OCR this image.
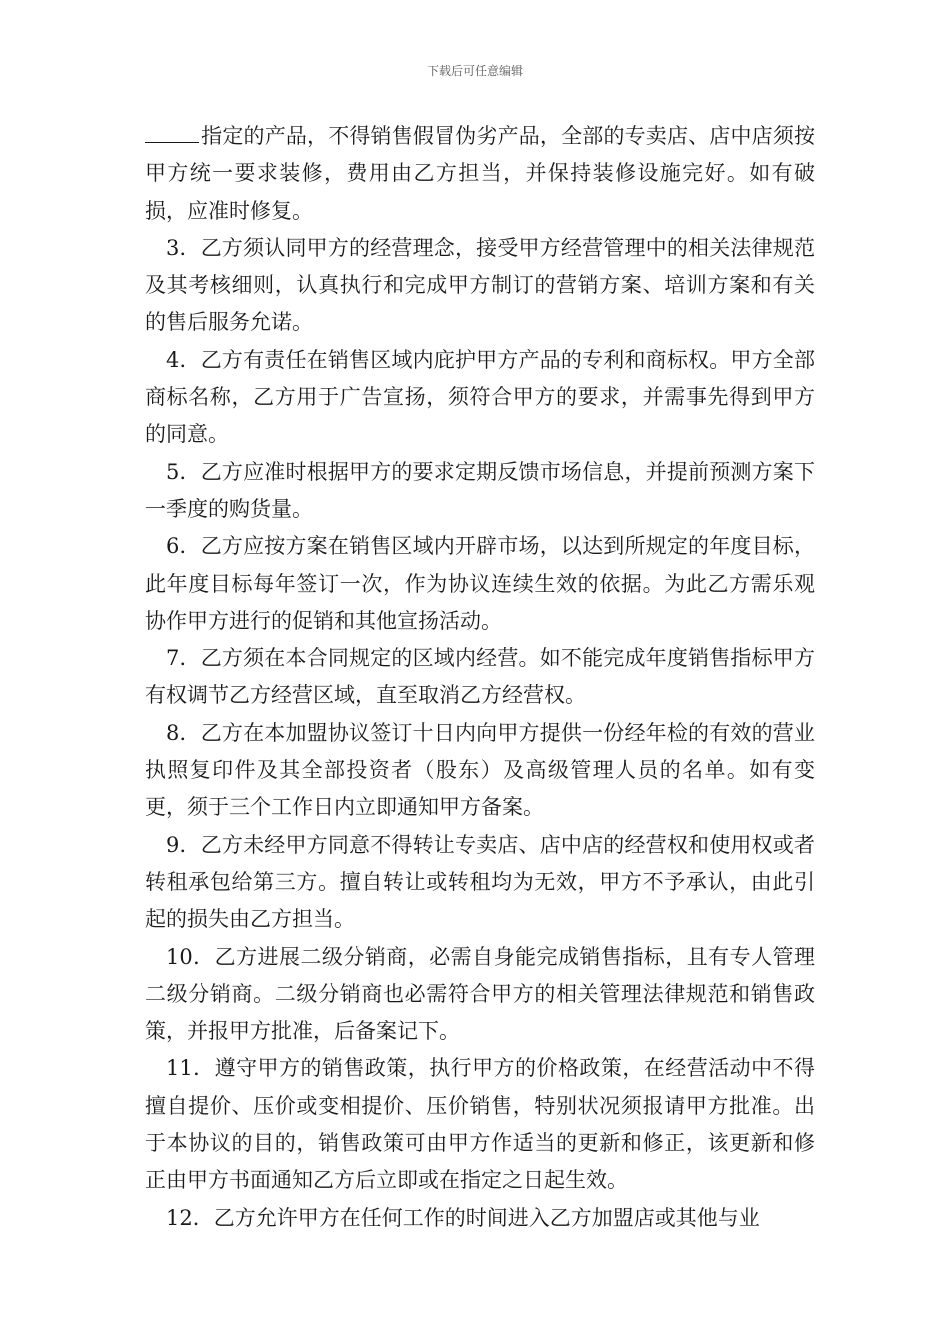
下载后可任意编辑

指定的产品，不得销售假冒伪劣产品，全部的专卖店、店中店须按甲方统一要求装修，费用由乙方担当，并保持装修设施完好。如有破损，应准时修复。

3．乙方须认同甲方的经营理念，接受甲方经营管理中的相关法律规范及其考核细则，认真执行和完成甲方制订的营销方案、培训方案和有关的售后服务允诺。

4．乙方有责任在销售区域内庇护甲方产品的专利和商标权。甲方全部商标名称，乙方用于广告宣扬，须符合甲方的要求，并需事先得到甲方的同意。

5．乙方应准时根据甲方的要求定期反馈市场信息，并提前预测方案下一季度的购货量。

6．乙方应按方案在销售区域内开辟市场，以达到所规定的年度目标，此年度目标每年签订一次，作为协议连续生效的依据。为此乙方需乐观协作甲方进行的促销和其他宣扬活动。

7．乙方须在本合同规定的区域内经营。如不能完成年度销售指标甲方有权调节乙方经营区域，直至取消乙方经营权。

8．乙方在本加盟协议签订十日内向甲方提供一份经年检的有效的营业执照复印件及其全部投资者（股东）及高级管理人员的名单。如有变更，须于三个工作日内立即通知甲方备案。

9．乙方未经甲方同意不得转让专卖店、店中店的经营权和使用权或者转租承包给第三方。擅自转让或转租均为无效，甲方不予承认，由此引起的损失由乙方担当。

10．乙方进展二级分销商，必需自身能完成销售指标，且有专人管理二级分销商。二级分销商也必需符合甲方的相关管理法律规范和销售政策，并报甲方批准，后备案记下。

11．遵守甲方的销售政策，执行甲方的价格政策，在经营活动中不得擅自提价、压价或变相提价、压价销售，特别状况须报请甲方批准。出于本协议的目的，销售政策可由甲方作适当的更新和修正，该更新和修正由甲方书面通知乙方后立即或在指定之日起生效。

12．乙方允许甲方在任何工作的时间进入乙方加盟店或其他与业
